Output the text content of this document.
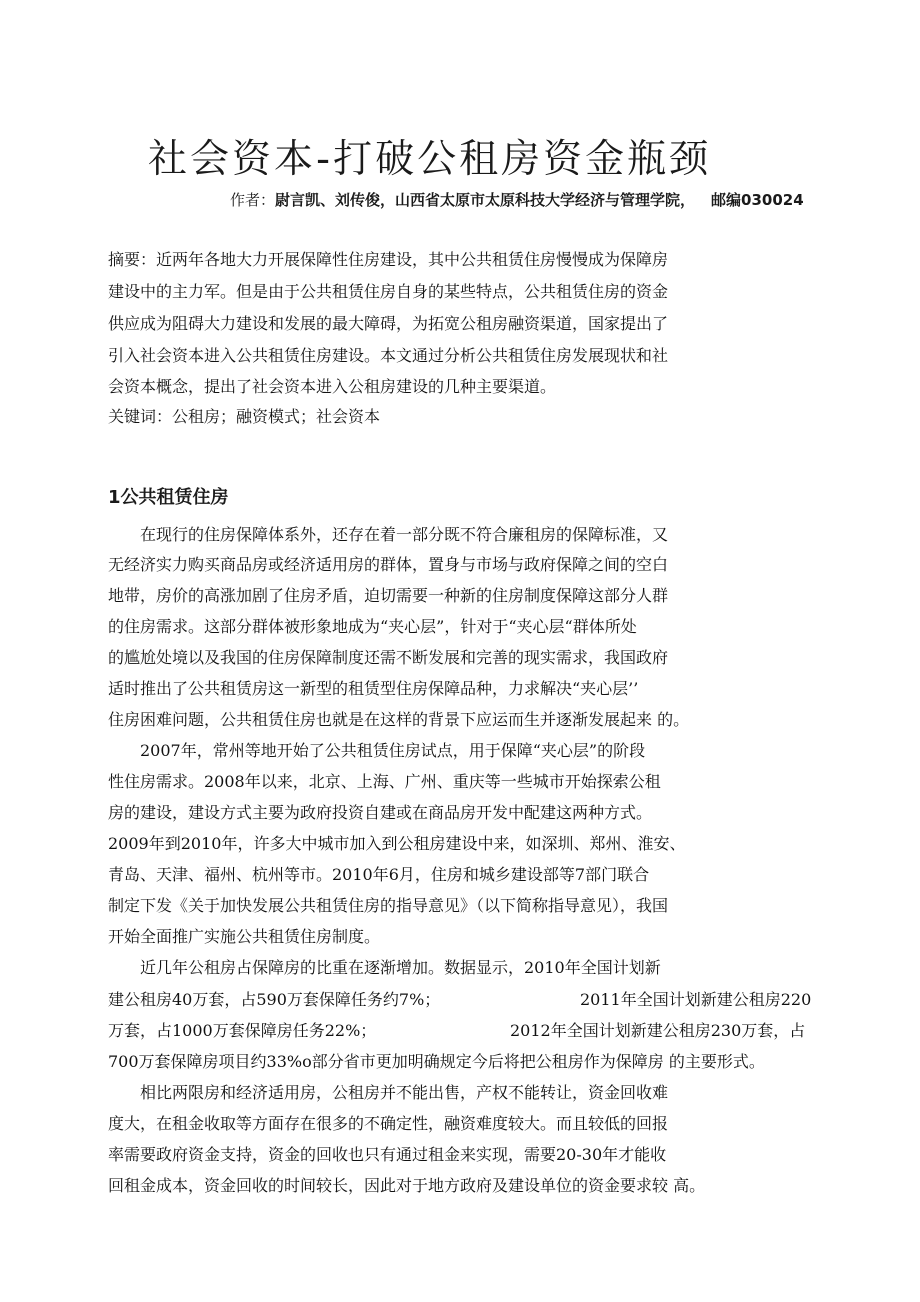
社会资本-打破公租房资金瓶颈
作者：尉言凯、刘传俊，山西省太原市太原科技大学经济与管理学院， 邮编030024
摘要：近两年各地大力开展保障性住房建设，其中公共租赁住房慢慢成为保障房
建设中的主力军。但是由于公共租赁住房自身的某些特点，公共租赁住房的资金
供应成为阻碍大力建设和发展的最大障碍，为拓宽公租房融资渠道，国家提出了
引入社会资本进入公共租赁住房建设。本文通过分析公共租赁住房发展现状和社
会资本概念，提出了社会资本进入公租房建设的几种主要渠道。
关键词：公租房；融资模式；社会资本
1公共租赁住房
　　在现行的住房保障体系外，还存在着一部分既不符合廉租房的保障标准，又
无经济实力购买商品房或经济适用房的群体，置身与市场与政府保障之间的空白
地带，房价的高涨加剧了住房矛盾，迫切需要一种新的住房制度保障这部分人群
的住房需求。这部分群体被形象地成为“夹心层”，针对于“夹心层“群体所处
的尴尬处境以及我国的住房保障制度还需不断发展和完善的现实需求，我国政府
适时推出了公共租赁房这一新型的租赁型住房保障品种，力求解决“夹心层’’
住房困难问题，公共租赁住房也就是在这样的背景下应运而生并逐渐发展起来 的。
　　2007年，常州等地开始了公共租赁住房试点，用于保障“夹心层”的阶段
性住房需求。2008年以来，北京、上海、广州、重庆等一些城市开始探索公租
房的建设，建设方式主要为政府投资自建或在商品房开发中配建这两种方式。
2009年到2010年，许多大中城市加入到公租房建设中来，如深圳、郑州、淮安、
青岛、天津、福州、杭州等市。2010年6月，住房和城乡建设部等7部门联合
制定下发《关于加快发展公共租赁住房的指导意见》（以下简称指导意见），我国
开始全面推广实施公共租赁住房制度。
　　近几年公租房占保障房的比重在逐渐增加。数据显示，2010年全国计划新
建公租房40万套，占590万套保障任务约7%；	2011年全国计划新建公租房220
万套，占1000万套保障房任务22%；	2012年全国计划新建公租房230万套，占
700万套保障房项目约33%o部分省市更加明确规定今后将把公租房作为保障房 的主要形式。
　　相比两限房和经济适用房，公租房并不能出售，产权不能转让，资金回收难
度大，在租金收取等方面存在很多的不确定性，融资难度较大。而且较低的回报
率需要政府资金支持，资金的回收也只有通过租金来实现，需要20-30年才能收
回租金成本，资金回收的时间较长，因此对于地方政府及建设单位的资金要求较 高。
